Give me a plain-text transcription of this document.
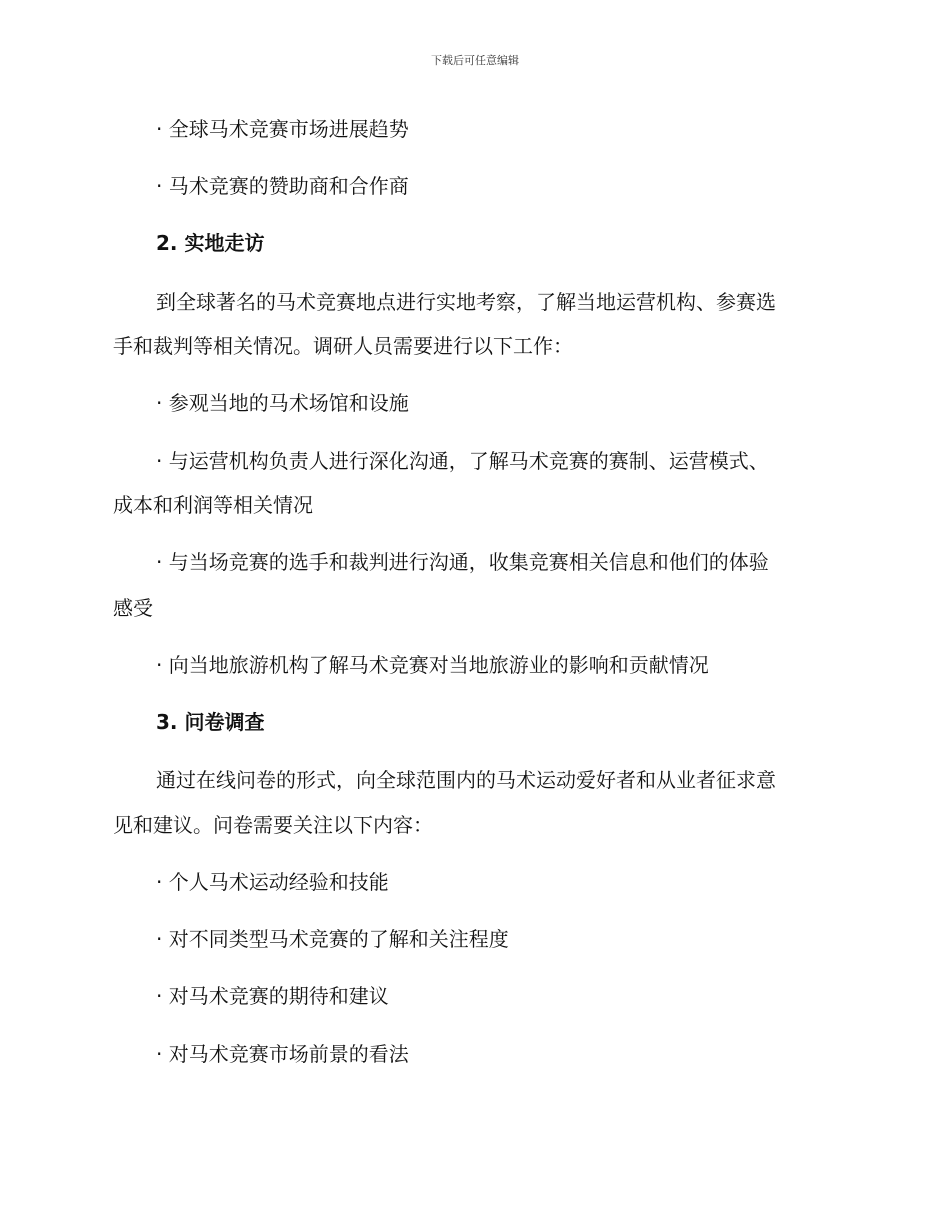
下载后可任意编辑
· 全球马术竞赛市场进展趋势
· 马术竞赛的赞助商和合作商
2. 实地走访
到全球著名的马术竞赛地点进行实地考察，了解当地运营机构、参赛选
手和裁判等相关情况。调研人员需要进行以下工作：
· 参观当地的马术场馆和设施
· 与运营机构负责人进行深化沟通，了解马术竞赛的赛制、运营模式、
成本和利润等相关情况
· 与当场竞赛的选手和裁判进行沟通，收集竞赛相关信息和他们的体验
感受
· 向当地旅游机构了解马术竞赛对当地旅游业的影响和贡献情况
3. 问卷调查
通过在线问卷的形式，向全球范围内的马术运动爱好者和从业者征求意
见和建议。问卷需要关注以下内容：
· 个人马术运动经验和技能
· 对不同类型马术竞赛的了解和关注程度
· 对马术竞赛的期待和建议
· 对马术竞赛市场前景的看法
